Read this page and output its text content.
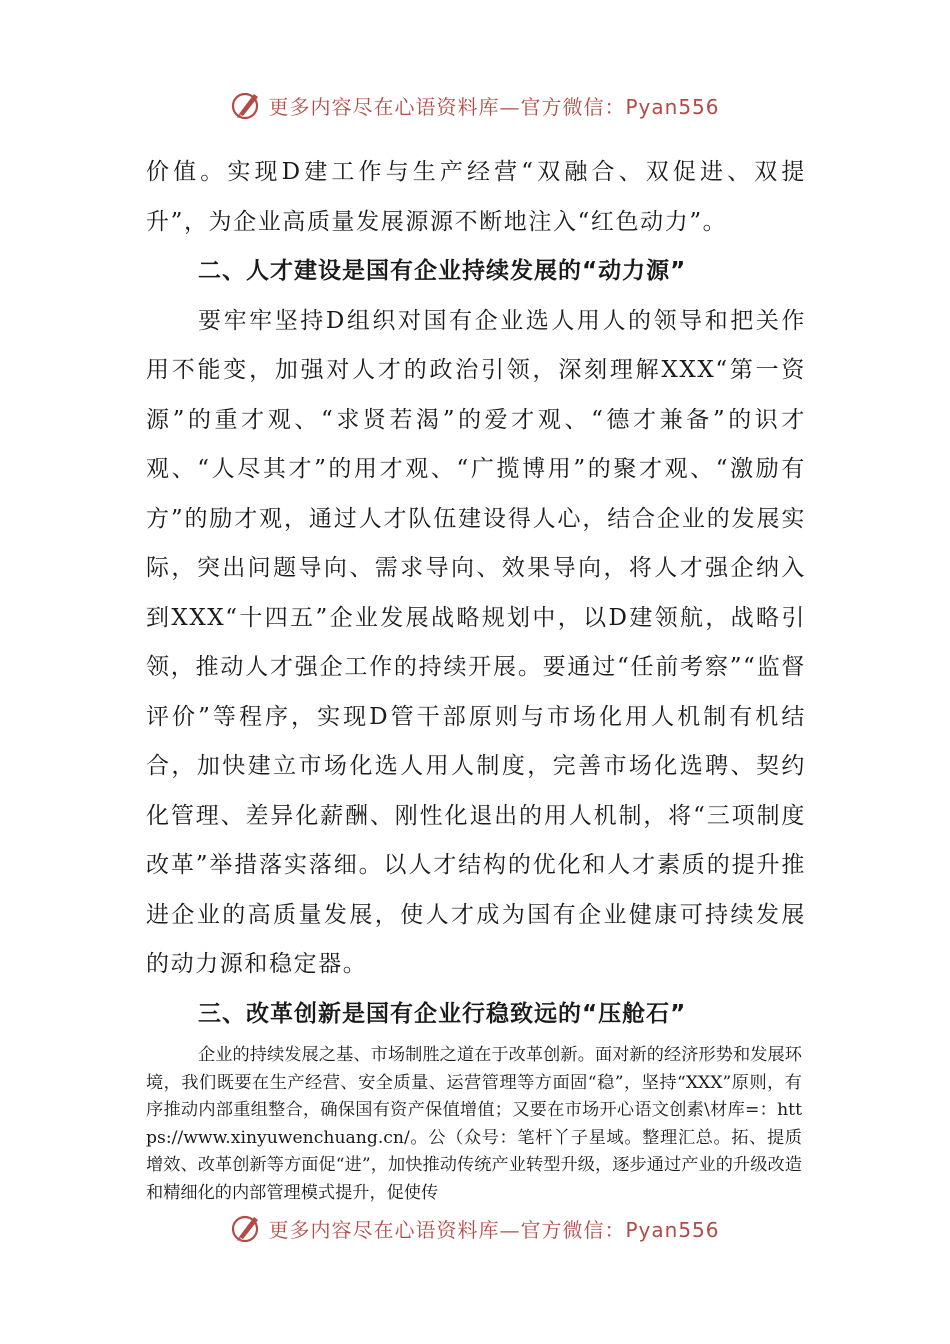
更多内容尽在心语资料库—官方微信：Pyan556

价值。实现D建工作与生产经营“双融合、双促进、双提升”，为企业高质量发展源源不断地注入“红色动力”。

二、人才建设是国有企业持续发展的“动力源”

要牢牢坚持D组织对国有企业选人用人的领导和把关作用不能变，加强对人才的政治引领，深刻理解XXX“第一资源”的重才观、“求贤若渴”的爱才观、“德才兼备”的识才观、“人尽其才”的用才观、“广揽博用”的聚才观、“激励有方”的励才观，通过人才队伍建设得人心，结合企业的发展实际，突出问题导向、需求导向、效果导向，将人才强企纳入到XXX“十四五”企业发展战略规划中，以D建领航，战略引领，推动人才强企工作的持续开展。要通过“任前考察”“监督评价”等程序，实现D管干部原则与市场化用人机制有机结合，加快建立市场化选人用人制度，完善市场化选聘、契约化管理、差异化薪酬、刚性化退出的用人机制，将“三项制度改革”举措落实落细。以人才结构的优化和人才素质的提升推进企业的高质量发展，使人才成为国有企业健康可持续发展的动力源和稳定器。

三、改革创新是国有企业行稳致远的“压舱石”

企业的持续发展之基、市场制胜之道在于改革创新。面对新的经济形势和发展环境，我们既要在生产经营、安全质量、运营管理等方面固“稳”，坚持“XXX”原则，有序推动内部重组整合，确保国有资产保值增值；又要在市场开心语文创素\材库=：https://www.xinyuwenchuang.cn/。公（众号：笔杆丫子星域。整理汇总。拓、提质增效、改革创新等方面促“进”，加快推动传统产业转型升级，逐步通过产业的升级改造和精细化的内部管理模式提升，促使传

更多内容尽在心语资料库—官方微信：Pyan556
